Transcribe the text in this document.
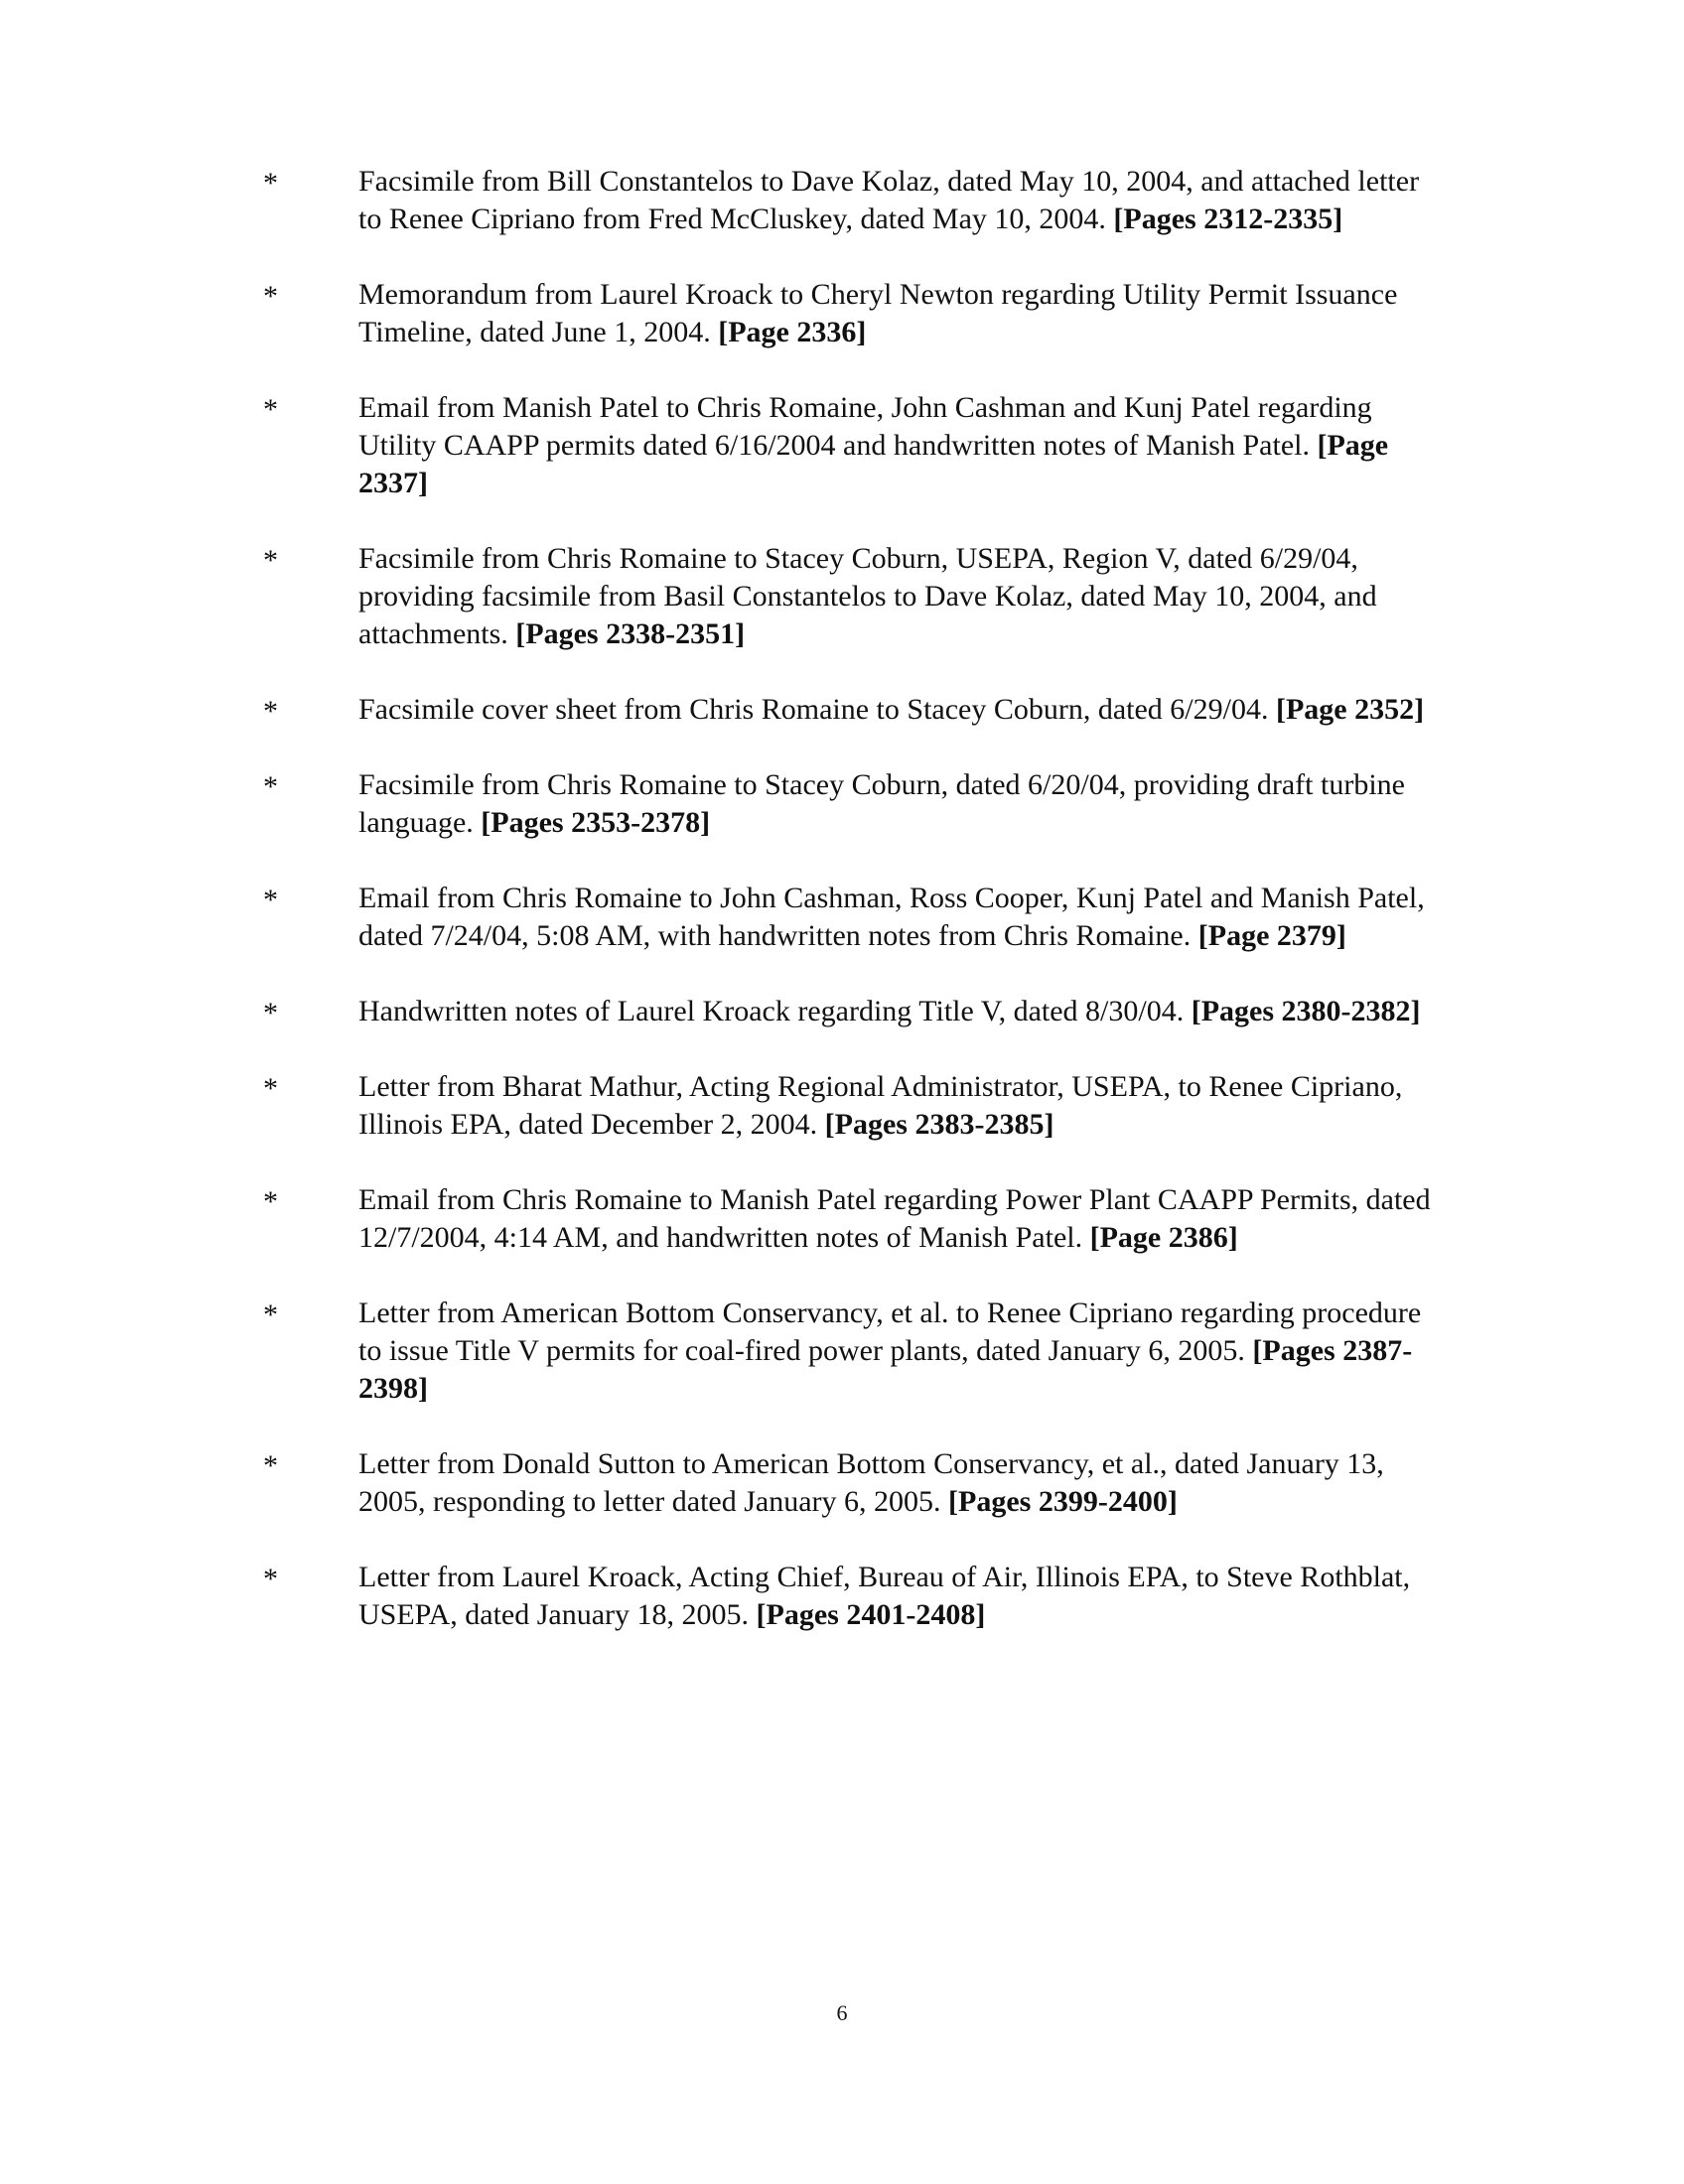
*	Facsimile from Bill Constantelos to Dave Kolaz, dated May 10, 2004, and attached letter to Renee Cipriano from Fred McCluskey, dated May 10, 2004. [Pages 2312-2335]
*	Memorandum from Laurel Kroack to Cheryl Newton regarding Utility Permit Issuance Timeline, dated June 1, 2004. [Page 2336]
*	Email from Manish Patel to Chris Romaine, John Cashman and Kunj Patel regarding Utility CAAPP permits dated 6/16/2004 and handwritten notes of Manish Patel. [Page 2337]
*	Facsimile from Chris Romaine to Stacey Coburn, USEPA, Region V, dated 6/29/04, providing facsimile from Basil Constantelos to Dave Kolaz, dated May 10, 2004, and attachments. [Pages 2338-2351]
*	Facsimile cover sheet from Chris Romaine to Stacey Coburn, dated 6/29/04. [Page 2352]
*	Facsimile from Chris Romaine to Stacey Coburn, dated 6/20/04, providing draft turbine language. [Pages 2353-2378]
*	Email from Chris Romaine to John Cashman, Ross Cooper, Kunj Patel and Manish Patel, dated 7/24/04, 5:08 AM, with handwritten notes from Chris Romaine. [Page 2379]
*	Handwritten notes of Laurel Kroack regarding Title V, dated 8/30/04. [Pages 2380-2382]
*	Letter from Bharat Mathur, Acting Regional Administrator, USEPA, to Renee Cipriano, Illinois EPA, dated December 2, 2004. [Pages 2383-2385]
*	Email from Chris Romaine to Manish Patel regarding Power Plant CAAPP Permits, dated 12/7/2004, 4:14 AM, and handwritten notes of Manish Patel. [Page 2386]
*	Letter from American Bottom Conservancy, et al. to Renee Cipriano regarding procedure to issue Title V permits for coal-fired power plants, dated January 6, 2005. [Pages 2387-2398]
*	Letter from Donald Sutton to American Bottom Conservancy, et al., dated January 13, 2005, responding to letter dated January 6, 2005. [Pages 2399-2400]
*	Letter from Laurel Kroack, Acting Chief, Bureau of Air, Illinois EPA, to Steve Rothblat, USEPA, dated January 18, 2005. [Pages 2401-2408]
6
